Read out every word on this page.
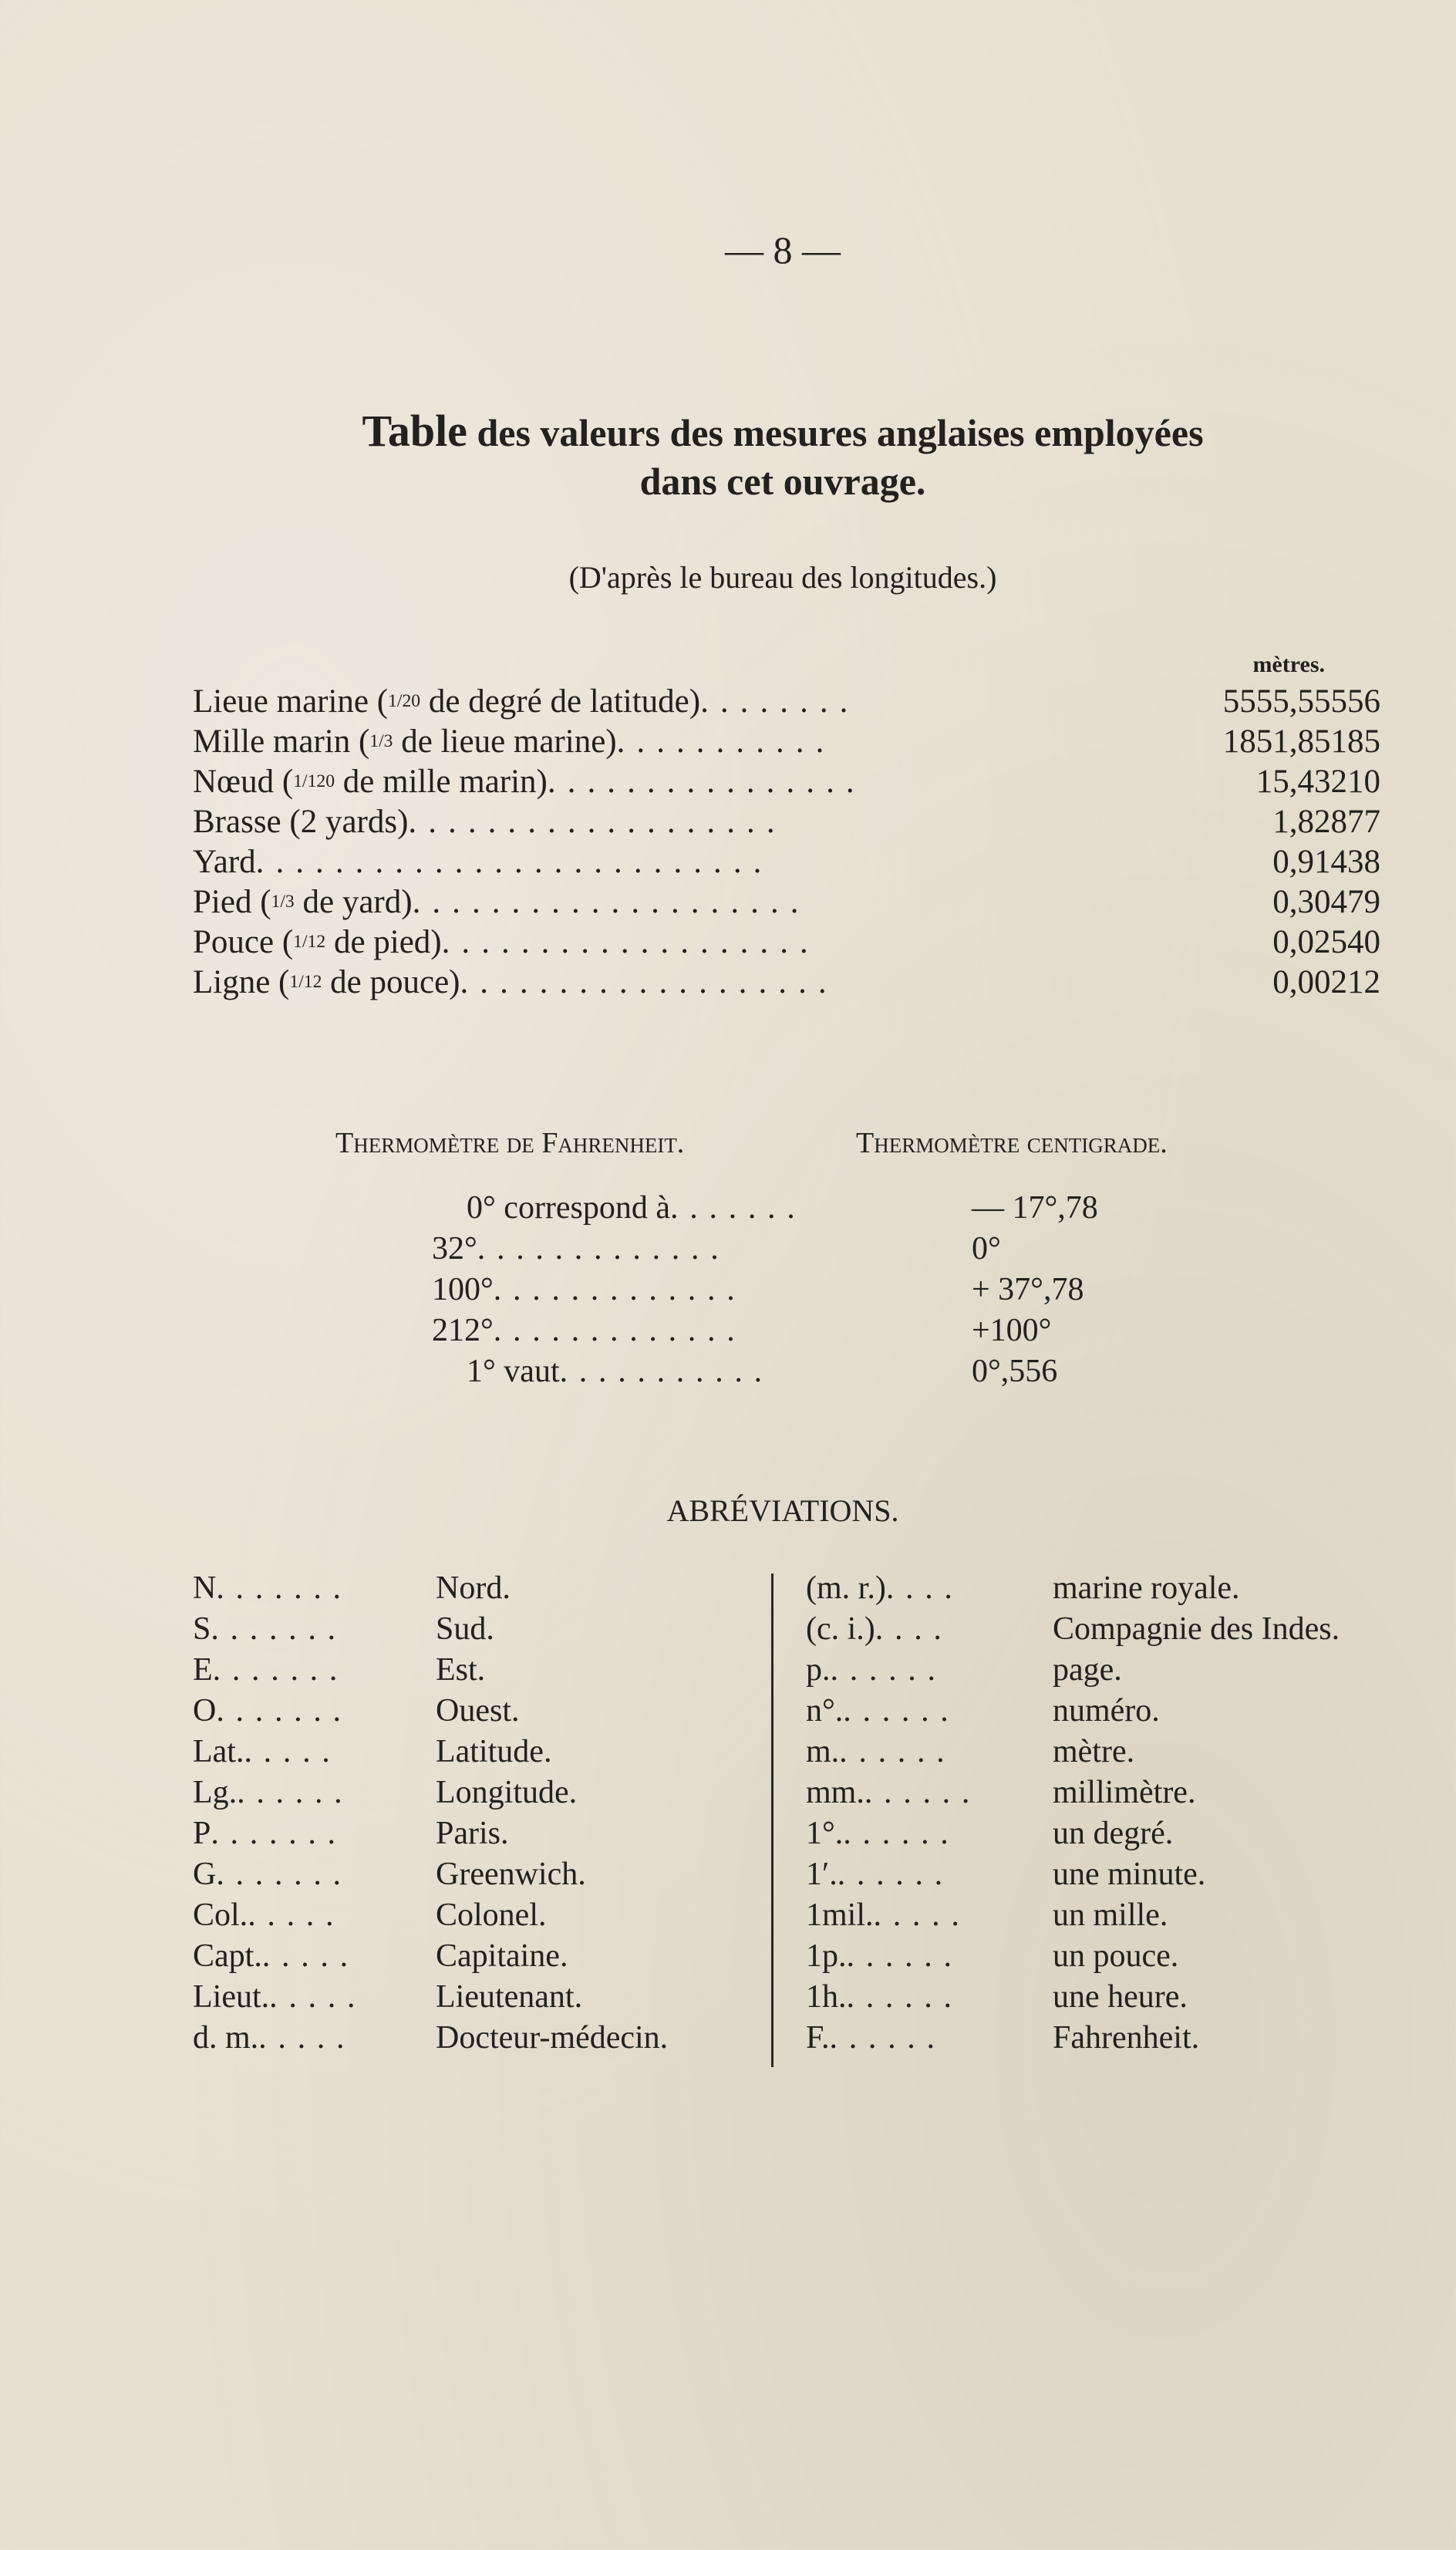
— 8 —
Table des valeurs des mesures anglaises employées
dans cet ouvrage.
(D'après le bureau des longitudes.)
mètres.
Lieue marine (1/20 de degré de latitude)........	5555,55556
Mille marin (1/3 de lieue marine)...........	1851,85185
Nœud (1/120 de mille marin)................	15,43210
Brasse (2 yards)...................	1,82877
Yard..........................	0,91438
Pied (1/3 de yard)....................	0,30479
Pouce (1/12 de pied)...................	0,02540
Ligne (1/12 de pouce)...................	0,00212
Thermomètre de Fahrenheit.	Thermomètre centigrade.
0° correspond à.......	— 17°,78
32°.............	0°
100°.............	+ 37°,78
212°.............	+100°
1° vaut...........	0°,556
ABRÉVIATIONS.
N.......	Nord.
S.......	Sud.
E.......	Est.
O.......	Ouest.
Lat......	Latitude.
Lg.......	Longitude.
P.......	Paris.
G.......	Greenwich.
Col......	Colonel.
Capt...... Capitaine.
Lieut...... Lieutenant.
d. m...... Docteur-médecin.
(m. r.)....	marine royale.
(c. i.)....	Compagnie des Indes.
p.......	page.
n°.......	numéro.
m.......	mètre.
mm....... millimètre.
1°.......	un degré.
1′.......	une minute.
1mil......	un mille.
1p.......	un pouce.
1h.......	une heure.
F.......	Fahrenheit.
